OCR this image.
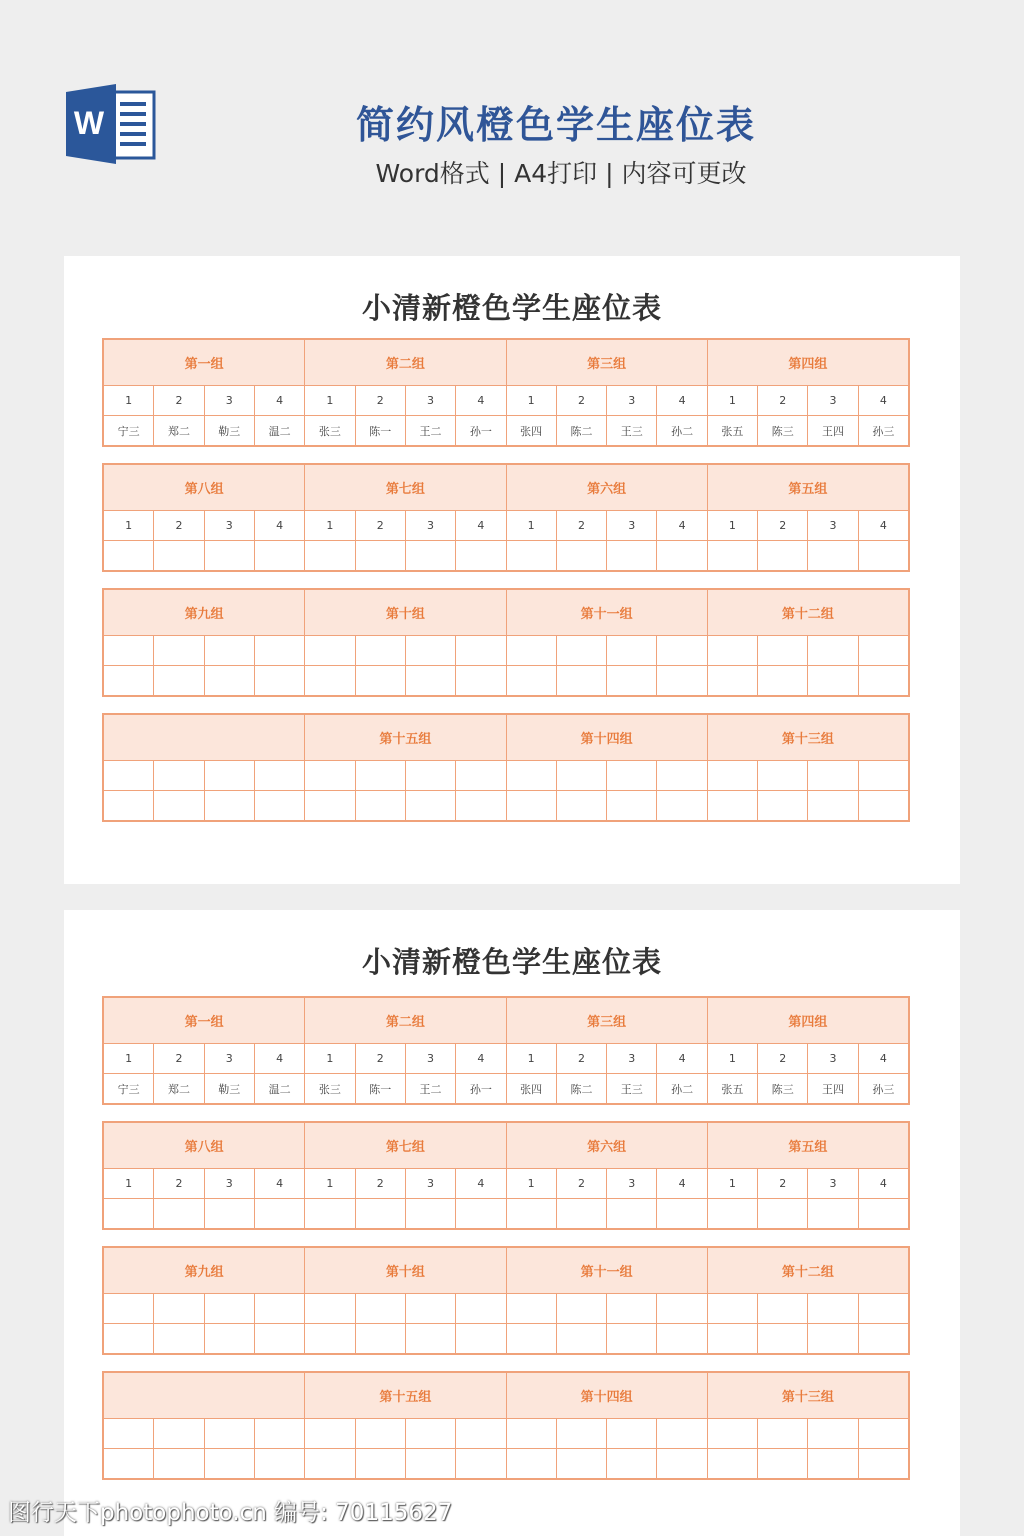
W	简约风橙色学生座位表
Word格式 | A4打印 | 内容可更改
小清新橙色学生座位表
第一组				第二组				第三组				第四组			
1	2	3	4	1	2	3	4	1	2	3	4	1	2	3	4
宁三	郑二	勒三	温二	张三	陈一	王二	孙一	张四	陈二	王三	孙二	张五	陈三	王四	孙三
第八组				第七组				第六组				第五组			
1	2	3	4	1	2	3	4	1	2	3	4	1	2	3	4

第九组				第十组				第十一组				第十二组			

				第十五组				第十四组				第十三组			

小清新橙色学生座位表
第一组				第二组				第三组				第四组			
1	2	3	4	1	2	3	4	1	2	3	4	1	2	3	4
宁三	郑二	勒三	温二	张三	陈一	王二	孙一	张四	陈二	王三	孙二	张五	陈三	王四	孙三
第八组				第七组				第六组				第五组			
1	2	3	4	1	2	3	4	1	2	3	4	1	2	3	4

第九组				第十组				第十一组				第十二组			

				第十五组				第十四组				第十三组			

图行天下photophoto.cn 编号: 70115627
